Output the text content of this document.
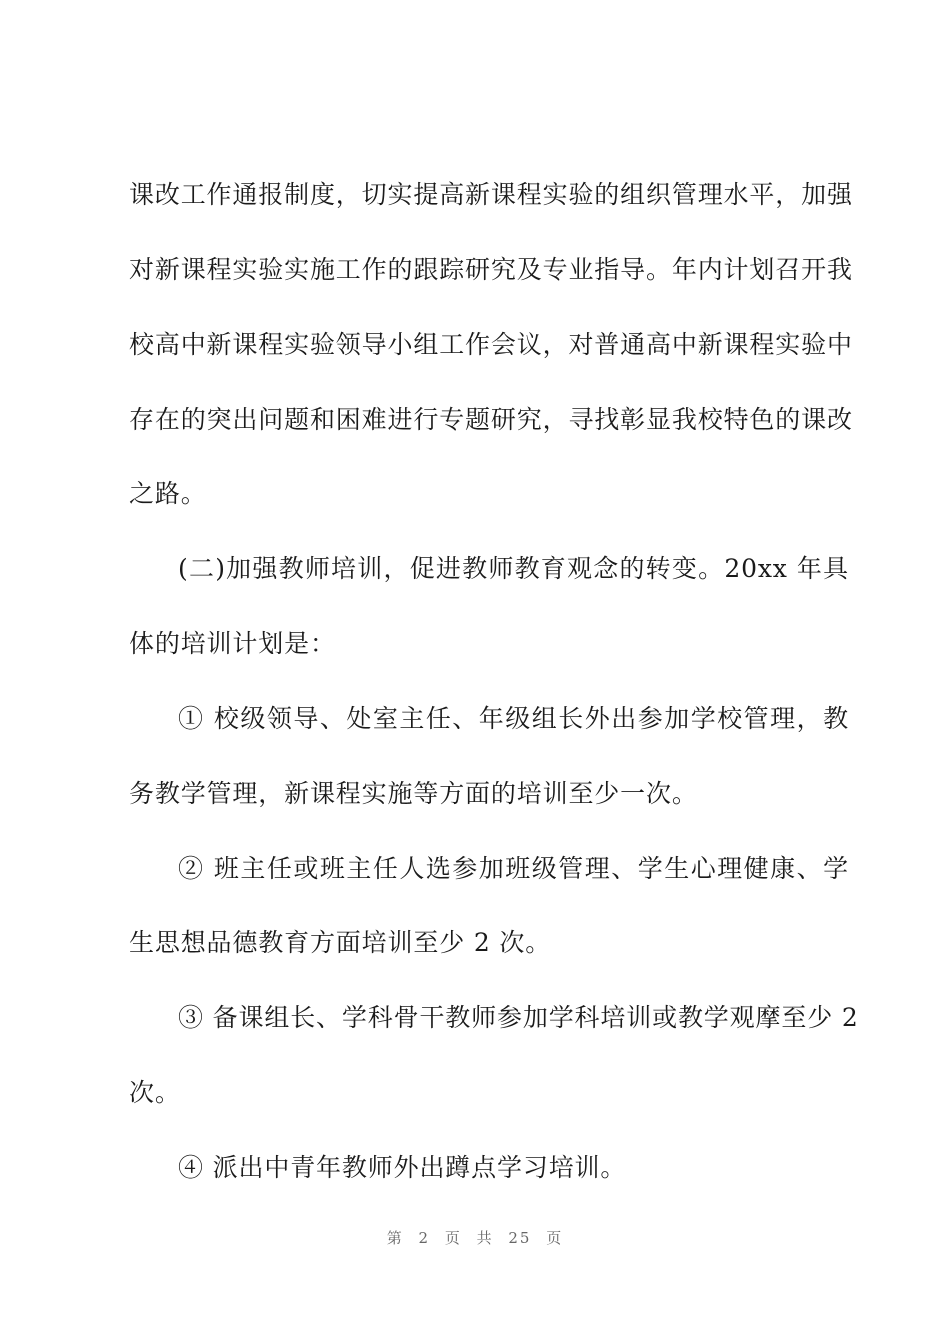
课改工作通报制度，切实提高新课程实验的组织管理水平，加强
对新课程实验实施工作的跟踪研究及专业指导。年内计划召开我
校高中新课程实验领导小组工作会议，对普通高中新课程实验中
存在的突出问题和困难进行专题研究，寻找彰显我校特色的课改
之路。
(二)加强教师培训，促进教师教育观念的转变。20xx 年具
体的培训计划是：
① 校级领导、处室主任、年级组长外出参加学校管理，教
务教学管理，新课程实施等方面的培训至少一次。
② 班主任或班主任人选参加班级管理、学生心理健康、学
生思想品德教育方面培训至少 2 次。
③ 备课组长、学科骨干教师参加学科培训或教学观摩至少 2
次。
④ 派出中青年教师外出蹲点学习培训。
第 2 页 共 25 页
